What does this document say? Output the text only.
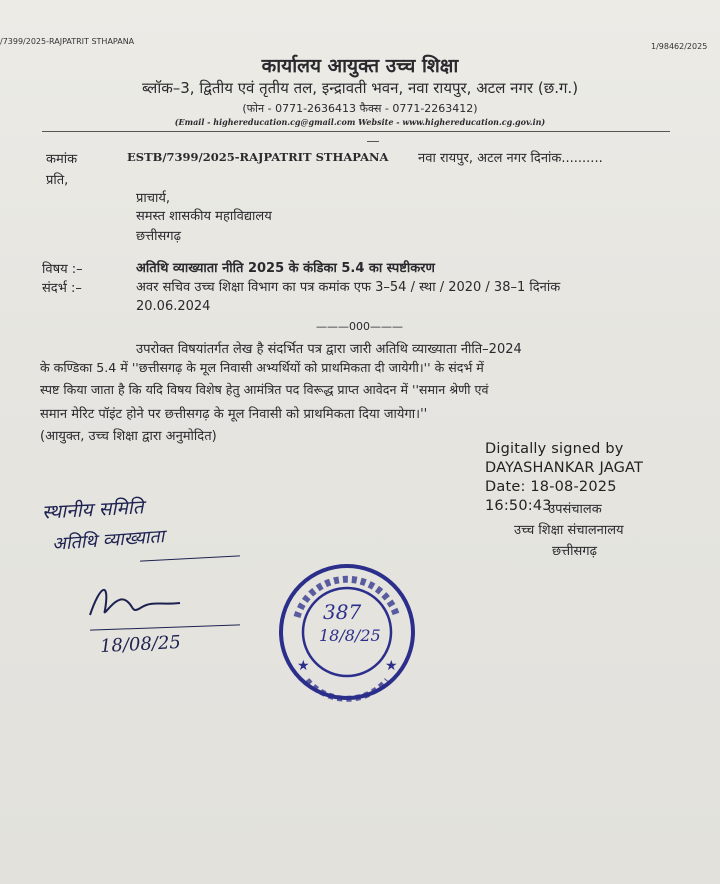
/7399/2025-RAJPATRIT STHAPANA
1/98462/2025
कार्यालय आयुक्त उच्च शिक्षा
ब्लॉक–3, द्वितीय एवं तृतीय तल, इन्द्रावती भवन, नवा रायपुर, अटल नगर (छ.ग.)
(फोन - 0771-2636413 फैक्स - 0771-2263412)
(Email - highereducation.cg@gmail.com Website - www.highereducation.cg.gov.in)
कमांक	ESTB/7399/2025-RAJPATRIT STHAPANA नवा रायपुर, अटल नगर दिनांक..........
प्रति,
प्राचार्य,
समस्त शासकीय महाविद्यालय
छत्तीसगढ़
विषय :–	अतिथि व्याख्याता नीति 2025 के कंडिका 5.4 का स्पष्टीकरण
संदर्भ :–	अवर सचिव उच्च शिक्षा विभाग का पत्र कमांक एफ 3–54 / स्था / 2020 / 38–1 दिनांक
20.06.2024
———000———
उपरोक्त विषयांतर्गत लेख है संदर्भित पत्र द्वारा जारी अतिथि व्याख्याता नीति–2024
के कण्डिका 5.4 में ''छत्तीसगढ़ के मूल निवासी अभ्यर्थियों को प्राथमिकता दी जायेगी।'' के संदर्भ में
स्पष्ट किया जाता है कि यदि विषय विशेष हेतु आमंत्रित पद विरूद्ध प्राप्त आवेदन में ''समान श्रेणी एवं
समान मेरिट पॉइंट होने पर छत्तीसगढ़ के मूल निवासी को प्राथमिकता दिया जायेगा।''
(आयुक्त, उच्च शिक्षा द्वारा अनुमोदित)
Digitally signed by
DAYASHANKAR JAGAT
Date: 18-08-2025
16:50:43
उपसंचालक
उच्च शिक्षा संचालनालय
छत्तीसगढ़
स्थानीय समिति
अतिथि व्याख्याता
18/08/25
★	★
387
18/8/25
